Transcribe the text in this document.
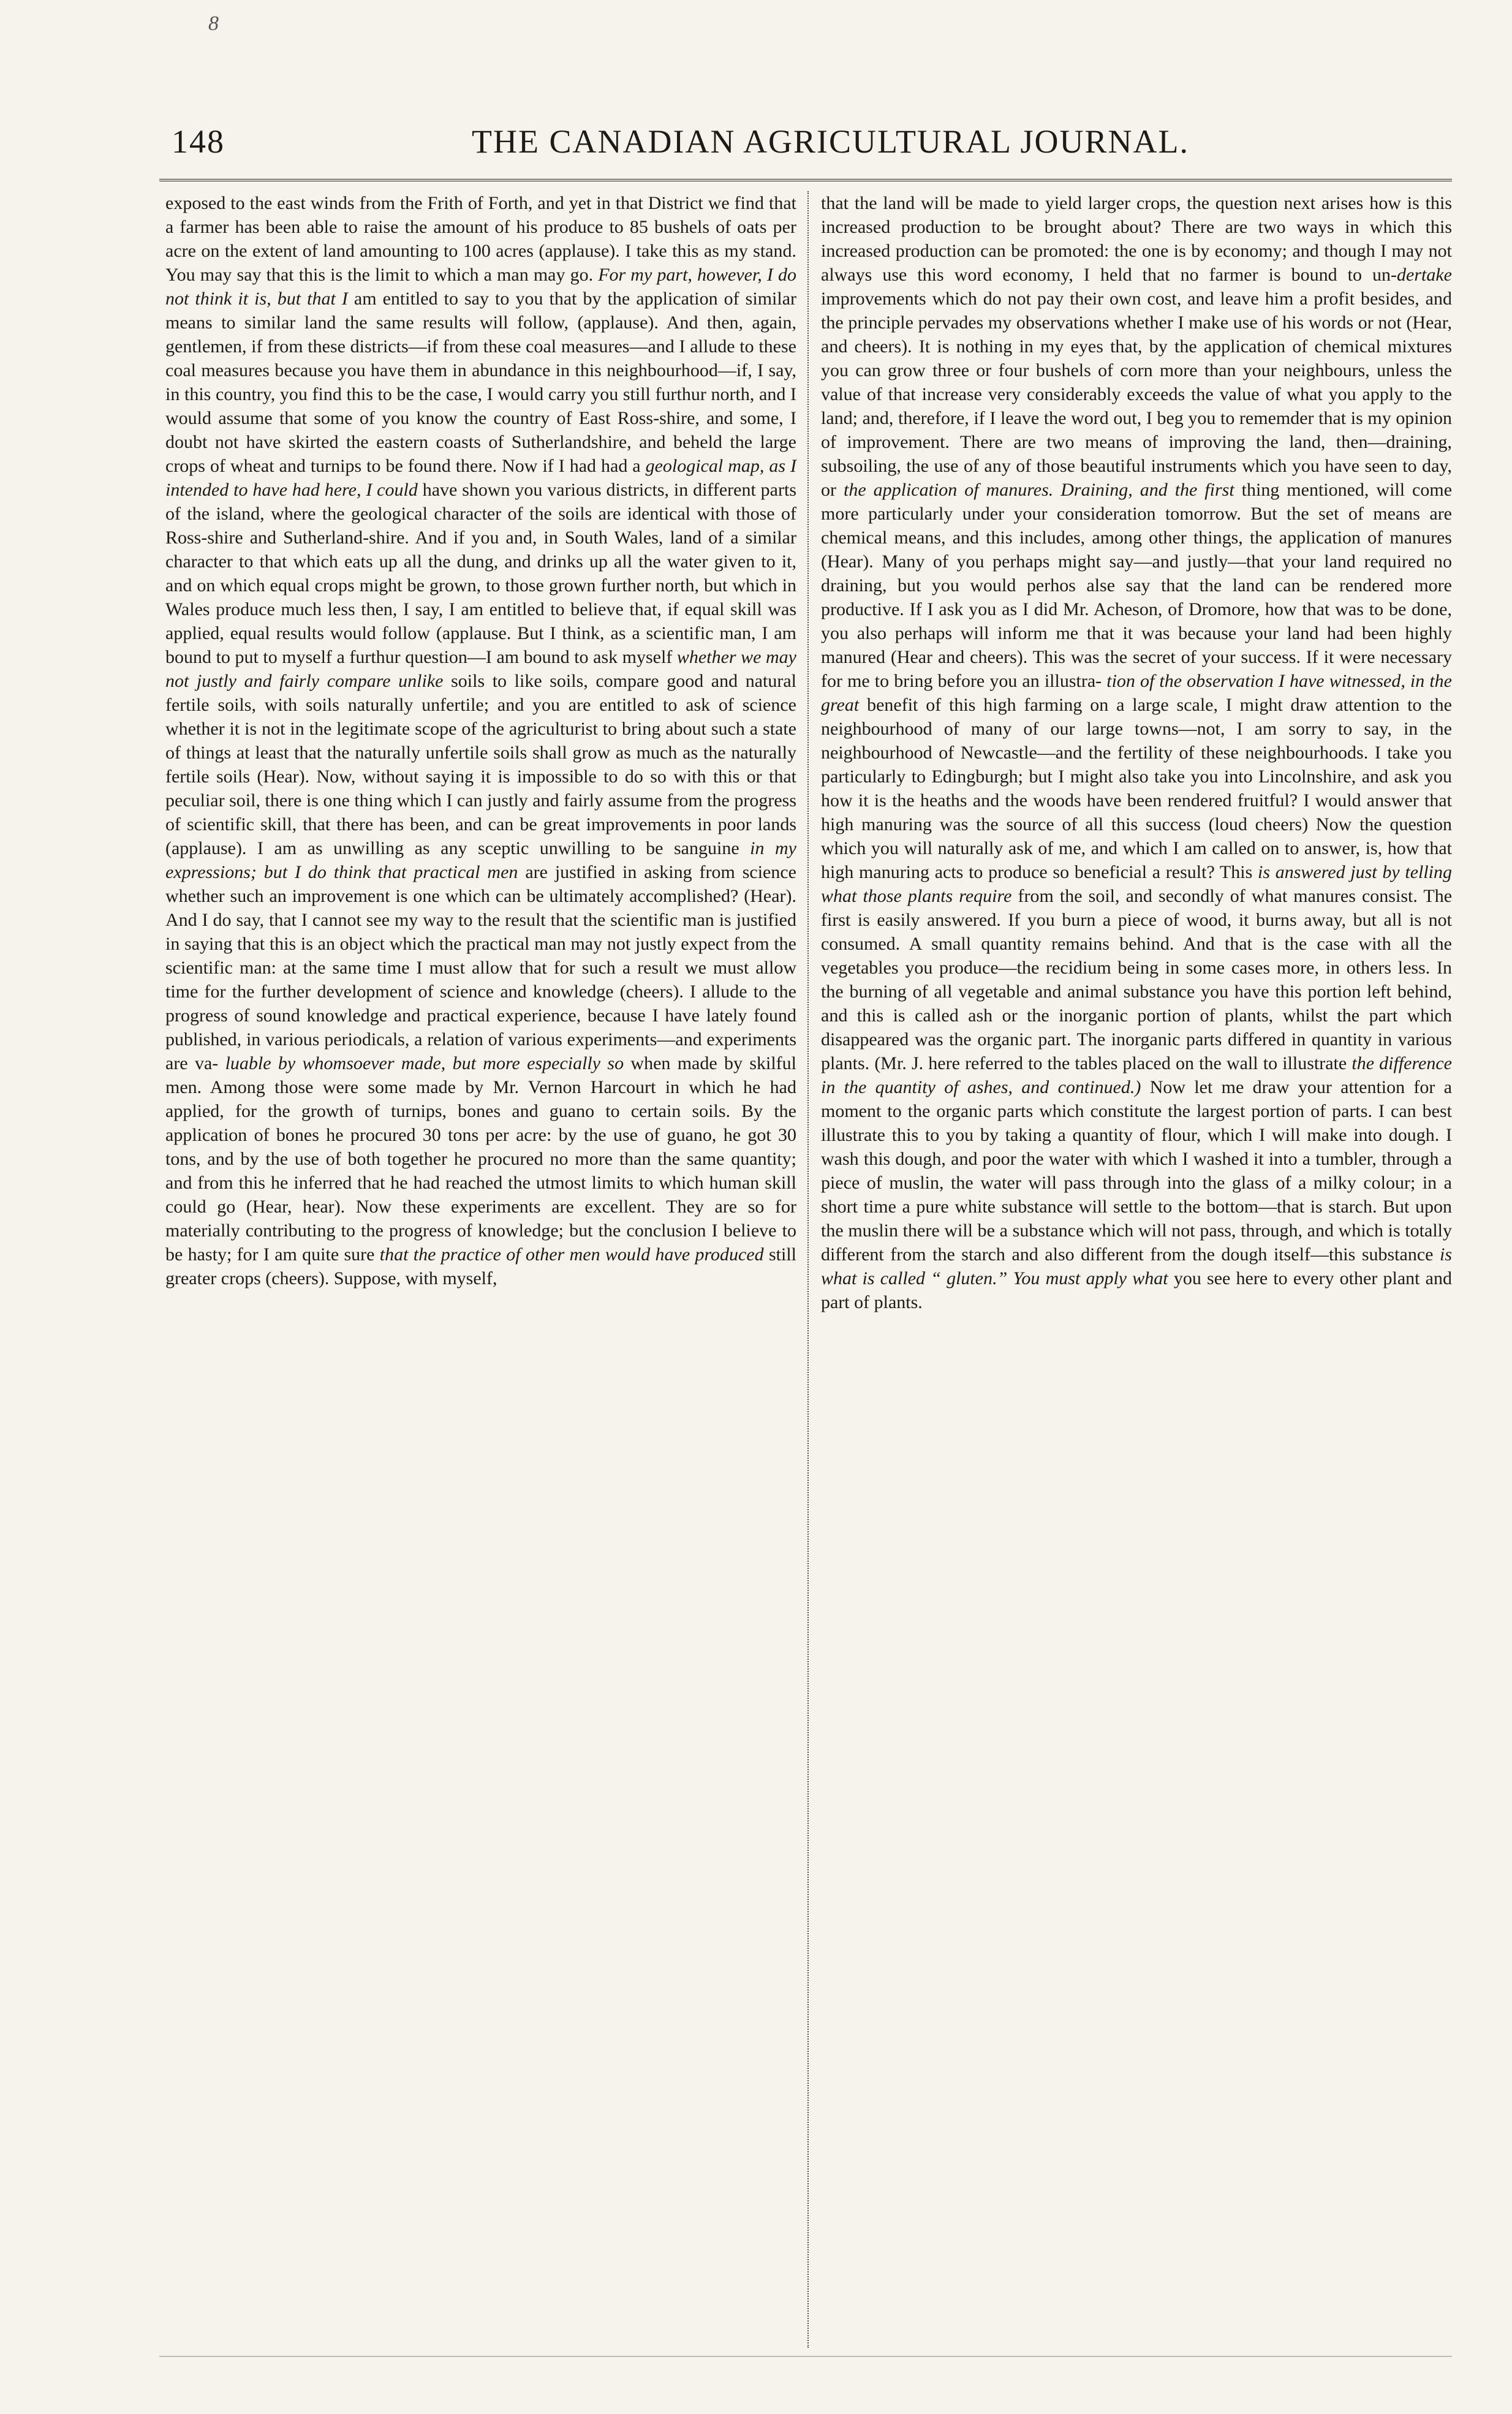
8
148	THE CANADIAN AGRICULTURAL JOURNAL.

exposed to the east winds from the Frith of Forth, and yet in that District we find that a farmer has been able to raise the amount of his produce to 85 bushels of oats per acre on the extent of land amounting to 100 acres (applause). I take this as my stand. You may say that this is the limit to which a man may go. For my part, however, I do not think it is, but that I am entitled to say to you that by the application of similar means to similar land the same results will follow, (applause). And then, again, gentlemen, if from these districts—if from these coal measures—and I allude to these coal measures because you have them in abundance in this neighbourhood—if, I say, in this country, you find this to be the case, I would carry you still furthur north, and I would assume that some of you know the country of East Ross-shire, and some, I doubt not have skirted the eastern coasts of Sutherlandshire, and beheld the large crops of wheat and turnips to be found there. Now if I had had a geological map, as I intended to have had here, I could have shown you various districts, in different parts of the island, where the geological character of the soils are identical with those of Ross-shire and Sutherland-shire. And if you and, in South Wales, land of a similar character to that which eats up all the dung, and drinks up all the water given to it, and on which equal crops might be grown, to those grown further north, but which in Wales produce much less then, I say, I am entitled to believe that, if equal skill was applied, equal results would follow (applause. But I think, as a scientific man, I am bound to put to myself a furthur question—I am bound to ask myself whether we may not justly and fairly compare unlike soils to like soils, compare good and natural fertile soils, with soils naturally unfertile; and you are entitled to ask of science whether it is not in the legitimate scope of the agriculturist to bring about such a state of things at least that the naturally unfertile soils shall grow as much as the naturally fertile soils (Hear). Now, without saying it is impossible to do so with this or that peculiar soil, there is one thing which I can justly and fairly assume from the progress of scientific skill, that there has been, and can be great improvements in poor lands (applause). I am as unwilling as any sceptic unwilling to be sanguine in my expressions; but I do think that practical men are justified in asking from science whether such an improvement is one which can be ultimately accomplished? (Hear). And I do say, that I cannot see my way to the result that the scientific man is justified in saying that this is an object which the practical man may not justly expect from the scientific man: at the same time I must allow that for such a result we must allow time for the further development of science and knowledge (cheers). I allude to the progress of sound knowledge and practical experience, because I have lately found published, in various periodicals, a relation of various experiments—and experiments are va- luable by whomsoever made, but more especially so when made by skilful men. Among those were some made by Mr. Vernon Harcourt in which he had applied, for the growth of turnips, bones and guano to certain soils. By the application of bones he procured 30 tons per acre: by the use of guano, he got 30 tons, and by the use of both together he procured no more than the same quantity; and from this he inferred that he had reached the utmost limits to which human skill could go (Hear, hear). Now these experiments are excellent. They are so for materially contributing to the progress of knowledge; but the conclusion I believe to be hasty; for I am quite sure that the practice of other men would have produced still greater crops (cheers). Suppose, with myself,

that the land will be made to yield larger crops, the question next arises how is this increased production to be brought about? There are two ways in which this increased production can be promoted: the one is by economy; and though I may not always use this word economy, I held that no farmer is bound to un-dertake improvements which do not pay their own cost, and leave him a profit besides, and the principle pervades my observations whether I make use of his words or not (Hear, and cheers). It is nothing in my eyes that, by the application of chemical mixtures you can grow three or four bushels of corn more than your neighbours, unless the value of that increase very considerably exceeds the value of what you apply to the land; and, therefore, if I leave the word out, I beg you to rememder that is my opinion of improvement. There are two means of improving the land, then—draining, subsoiling, the use of any of those beautiful instruments which you have seen to day, or the application of manures. Draining, and the first thing mentioned, will come more particularly under your consideration tomorrow. But the set of means are chemical means, and this includes, among other things, the application of manures (Hear). Many of you perhaps might say—and justly—that your land required no draining, but you would perhos alse say that the land can be rendered more productive. If I ask you as I did Mr. Acheson, of Dromore, how that was to be done, you also perhaps will inform me that it was because your land had been highly manured (Hear and cheers). This was the secret of your success. If it were necessary for me to bring before you an illustra- tion of the observation I have witnessed, in the great benefit of this high farming on a large scale, I might draw attention to the neighbourhood of many of our large towns—not, I am sorry to say, in the neighbourhood of Newcastle—and the fertility of these neighbourhoods. I take you particularly to Edingburgh; but I might also take you into Lincolnshire, and ask you how it is the heaths and the woods have been rendered fruitful? I would answer that high manuring was the source of all this success (loud cheers) Now the question which you will naturally ask of me, and which I am called on to answer, is, how that high manuring acts to produce so beneficial a result? This is answered just by telling what those plants require from the soil, and secondly of what manures consist. The first is easily answered. If you burn a piece of wood, it burns away, but all is not consumed. A small quantity remains behind. And that is the case with all the vegetables you produce—the recidium being in some cases more, in others less. In the burning of all vegetable and animal substance you have this portion left behind, and this is called ash or the inorganic portion of plants, whilst the part which disappeared was the organic part. The inorganic parts differed in quantity in various plants. (Mr. J. here referred to the tables placed on the wall to illustrate the difference in the quantity of ashes, and continued.) Now let me draw your attention for a moment to the organic parts which constitute the largest portion of parts. I can best illustrate this to you by taking a quantity of flour, which I will make into dough. I wash this dough, and poor the water with which I washed it into a tumbler, through a piece of muslin, the water will pass through into the glass of a milky colour; in a short time a pure white substance will settle to the bottom—that is starch. But upon the muslin there will be a substance which will not pass, through, and which is totally different from the starch and also different from the dough itself—this substance is what is called “ gluten.” You must apply what you see here to every other plant and part of plants.
